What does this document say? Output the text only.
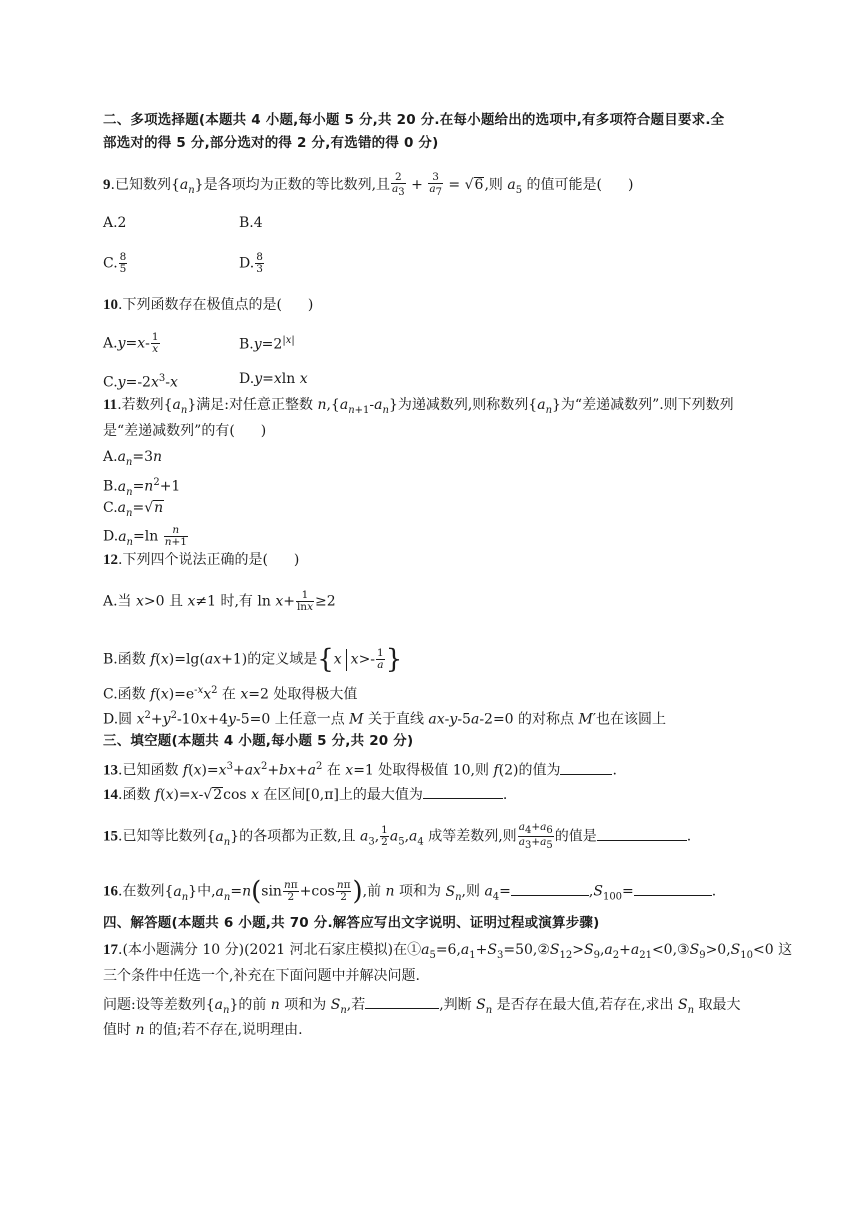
二、多项选择题(本题共 4 小题,每小题 5 分,共 20 分.在每小题给出的选项中,有多项符合题目要求.全
部选对的得 5 分,部分选对的得 2 分,有选错的得 0 分)
9.已知数列$\{a_n\}$是各项均为正数的等比数列,且 $\frac{2}{a_3} + \frac{3}{a_7} = √6$,则 $a_5$ 的值可能是( )
A.2	B.4
C. $\frac{8}{5}$	D. $\frac{8}{3}$
10.下列函数存在极值点的是( )
$A.y=x- \frac{1}{x}$	$B.y=2^{|x|}$
$C.y=-2x^3-x$	D.y=xln x
11.若数列$\{a_n\}$满足:对任意正整数 $n,\{a_{n+1}-a_n\}$为递减数列,则称数列$\{a_n\}$为“差递减数列”.则下列数列
是“差递减数列”的有( )
$A.a_n=3n$
$B.a_n=n^2+1$
$C.a_n=√n$
$D.a_n=\ln \frac{n}{n+1}$
12.下列四个说法正确的是( )
A.当 x>0 且 x≠1 时,有 $\ln x+ \frac{1}{\ln x} \ge 2$
B.函数 f(x)=lg(ax+1)的定义域是{x $x>- \frac{1}{a}$ }
C.函数 $f(x)=e^{-x}x^2$ 在 x=2 处取得极大值
D.圆 $x^2+y^2-10x+4y-5=0$ 上任意一点 M 关于直线 ax-y-5a-2=0 的对称点 M′也在该圆上
三、填空题(本题共 4 小题,每小题 5 分,共 20 分)
13.已知函数 $f(x)=x^3+ax^2+bx+a^2$ 在 x=1 处取得极值 10,则 f(2)的值为	.
14.函数 f(x)=x-√2cos x 在区间[0,π]上的最大值为	.
15.已知等比数列$\{a_n\}$的各项都为正数,且 $a_3$, $\frac{1}{2} a_5,a_4$ 成等差数列,则 $\frac{a_4+a_6}{a_3+a_5}$ 的值是	.
16.在数列$\{a_n\}$中$,a_n=n(\sin \frac{n\pi}{2} +\cos \frac{n\pi}{2}$ ),前 n 项和为 $S_n$,则 $a_4=$	$,S_{100}=$	.
四、解答题(本题共 6 小题,共 70 分.解答应写出文字说明、证明过程或演算步骤)
17.(本小题满分 10 分)(2021 河北石家庄模拟)在$①a_5=6,a_1+S_3=50,②S_{12}>S_9,a_2+a_{21}<0,③S_9>0,S_{10}<0$ 这
三个条件中任选一个,补充在下面问题中并解决问题.
问题:设等差数列$\{a_n\}$的前 n 项和为 $S_n$,若	,判断 $S_n$ 是否存在最大值,若存在,求出 $S_n$ 取最大
值时 n 的值;若不存在,说明理由.
